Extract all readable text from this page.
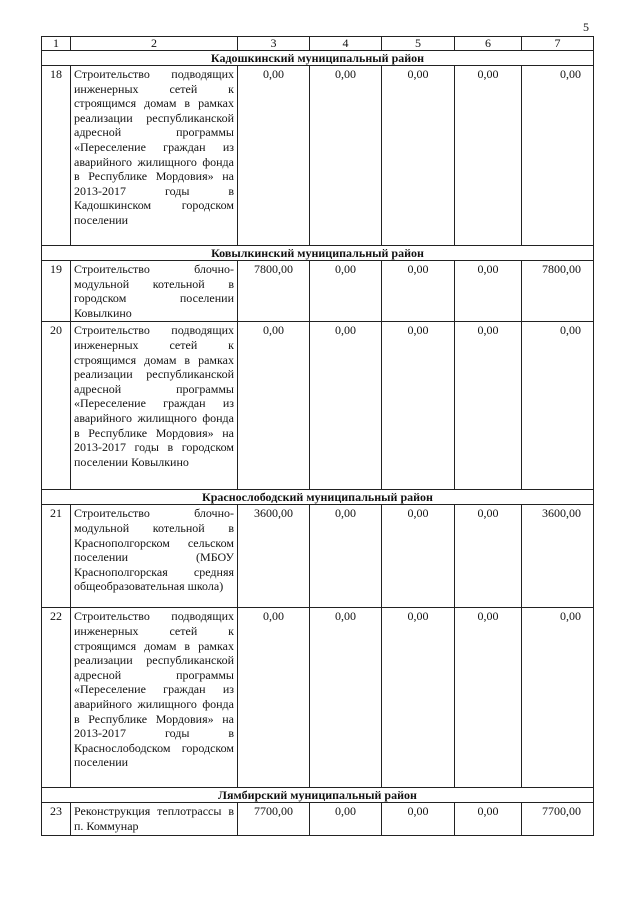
5
1	2	3	4	5	6	7
Кадошкинский муниципальный район						
18	Строительство подводящих инженерных сетей к строящимся домам в рамках реализации республиканской адресной программы «Переселение граждан из аварийного жилищного фонда в Республике Мордовия» на 2013-2017 годы в Кадошкинском городском поселении	0,00	0,00	0,00	0,00	0,00
Ковылкинский муниципальный район						
19	Строительство блочно-модульной котельной в городском поселении Ковылкино	7800,00	0,00	0,00	0,00	7800,00
20	Строительство подводящих инженерных сетей к строящимся домам в рамках реализации республиканской адресной программы «Переселение граждан из аварийного жилищного фонда в Республике Мордовия» на 2013-2017 годы в городском поселении Ковылкино	0,00	0,00	0,00	0,00	0,00
Краснослободский муниципальный район						
21	Строительство блочно-модульной котельной в Краснополгорском сельском поселении (МБОУ Краснополгорская средняя общеобразовательная школа)	3600,00	0,00	0,00	0,00	3600,00
22	Строительство подводящих инженерных сетей к строящимся домам в рамках реализации республиканской адресной программы «Переселение граждан из аварийного жилищного фонда в Республике Мордовия» на 2013-2017 годы в Краснослободском городском поселении	0,00	0,00	0,00	0,00	0,00
Лямбирский муниципальный район						
23	Реконструкция теплотрассы в п. Коммунар	7700,00	0,00	0,00	0,00	7700,00
